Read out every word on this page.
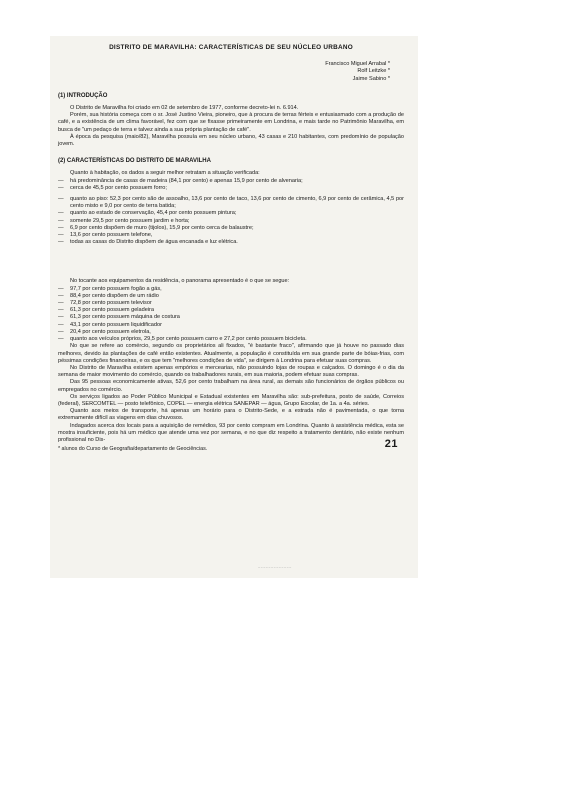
DISTRITO DE MARAVILHA: CARACTERÍSTICAS DE SEU NÚCLEO URBANO
Francisco Miguel Arrabal *
Rolf Leitzke *
Jaime Sabino *
(1) INTRODUÇÃO

O Distrito de Maravilha foi criado em 02 de setembro de 1977, conforme decreto-lei n. 6.914.

Porém, sua história começa com o sr. José Justino Vieira, pioneiro, que à procura de terras férteis e entusiasmado com a produção de café, e a existência de um clima favorável, fez com que se fixasse primeiramente em Londrina, e mais tarde no Patrimônio Maravilha, em busca de "um pedaço de terra e talvez ainda a sua própria plantação de café".

À época da pesquisa (maio/82), Maravilha possuía em seu núcleo urbano, 43 casas e 210 habitantes, com predomínio de população jovem.

(2) CARACTERÍSTICAS DO DISTRITO DE MARAVILHA

Quanto à habitação, os dados a seguir melhor retratam a situação verificada:

— há predominância de casas de madeira (84,1 por cento) e apenas 15,9 por cento de alvenaria;
— cerca de 45,5 por cento possuem forro;
— quanto ao piso: 52,3 por cento são de assoalho, 13,6 por cento de taco, 13,6 por cento de cimento, 6,9 por cento de cerâmica, 4,5 por cento misto e 9,0 por cento de terra batida;
— quanto ao estado de conservação, 45,4 por cento possuem pintura;
— somente 29,5 por cento possuem jardim e horta;
— 6,9 por cento dispõem de muro (tijolos), 15,9 por cento cerca de balaustre;
— 13,6 por cento possuem telefone,
— todas as casas do Distrito dispõem de água encanada e luz elétrica.

No tocante aos equipamentos da residência, o panorama apresentado é o que se segue:

— 97,7 por cento possuem fogão a gás,
— 88,4 por cento dispõem de um rádio
— 72,8 por cento possuem televisor
— 61,3 por cento possuem geladeira
— 61,3 por cento possuem máquina de costura
— 43,1 por cento possuem liquidificador
— 20,4 por cento possuem eletrola,
— quanto aos veículos próprios, 29,5 por cento possuem carro e 27,2 por cento possuem bicicleta.

No que se refere ao comércio, segundo os proprietários ali fixados, "é bastante fraco", afirmando que já houve no passado dias melhores, devido às plantações de café então existentes. Atualmente, a população é constituída em sua grande parte de bóias-frias, com péssimas condições financeiras, e os que tem "melhores condições de vida", se dirigem à Londrina para efetuar suas compras.

No Distrito de Maravilha existem apenas empórios e mercearias, não possuindo lojas de roupas e calçados. O domingo é o dia da semana de maior movimento do comércio, quando os trabalhadores rurais, em sua maioria, podem efetuar suas compras.

Das 95 pessoas economicamente ativas, 52,6 por cento trabalham na área rural, as demais são funcionários de órgãos públicos ou empregados no comércio.

Os serviços ligados ao Poder Público Municipal e Estadual existentes em Maravilha são: sub-prefeitura, posto de saúde, Correios (federal), SERCOMTEL — posto telefônico, COPEL — energia elétrica SANEPAR — água, Grupo Escolar, de 1a. a 4a. séries.

Quanto aos meios de transporte, há apenas um horário para o Distrito-Sede, e a estrada não é pavimentada, o que torna extremamente difícil as viagens em dias chuvosos.

Indagados acerca dos locais para a aquisição de remédios, 93 por cento compram em Londrina. Quanto à assistência médica, esta se mostra insuficiente, pois há um médico que atende uma vez por semana, e no que diz respeito a tratamento dentário, não existe nenhum profissional no Dis-

* alunos do Curso de Geografia/departamento de Geociências.	21
~~~~~~~~~~~~~
